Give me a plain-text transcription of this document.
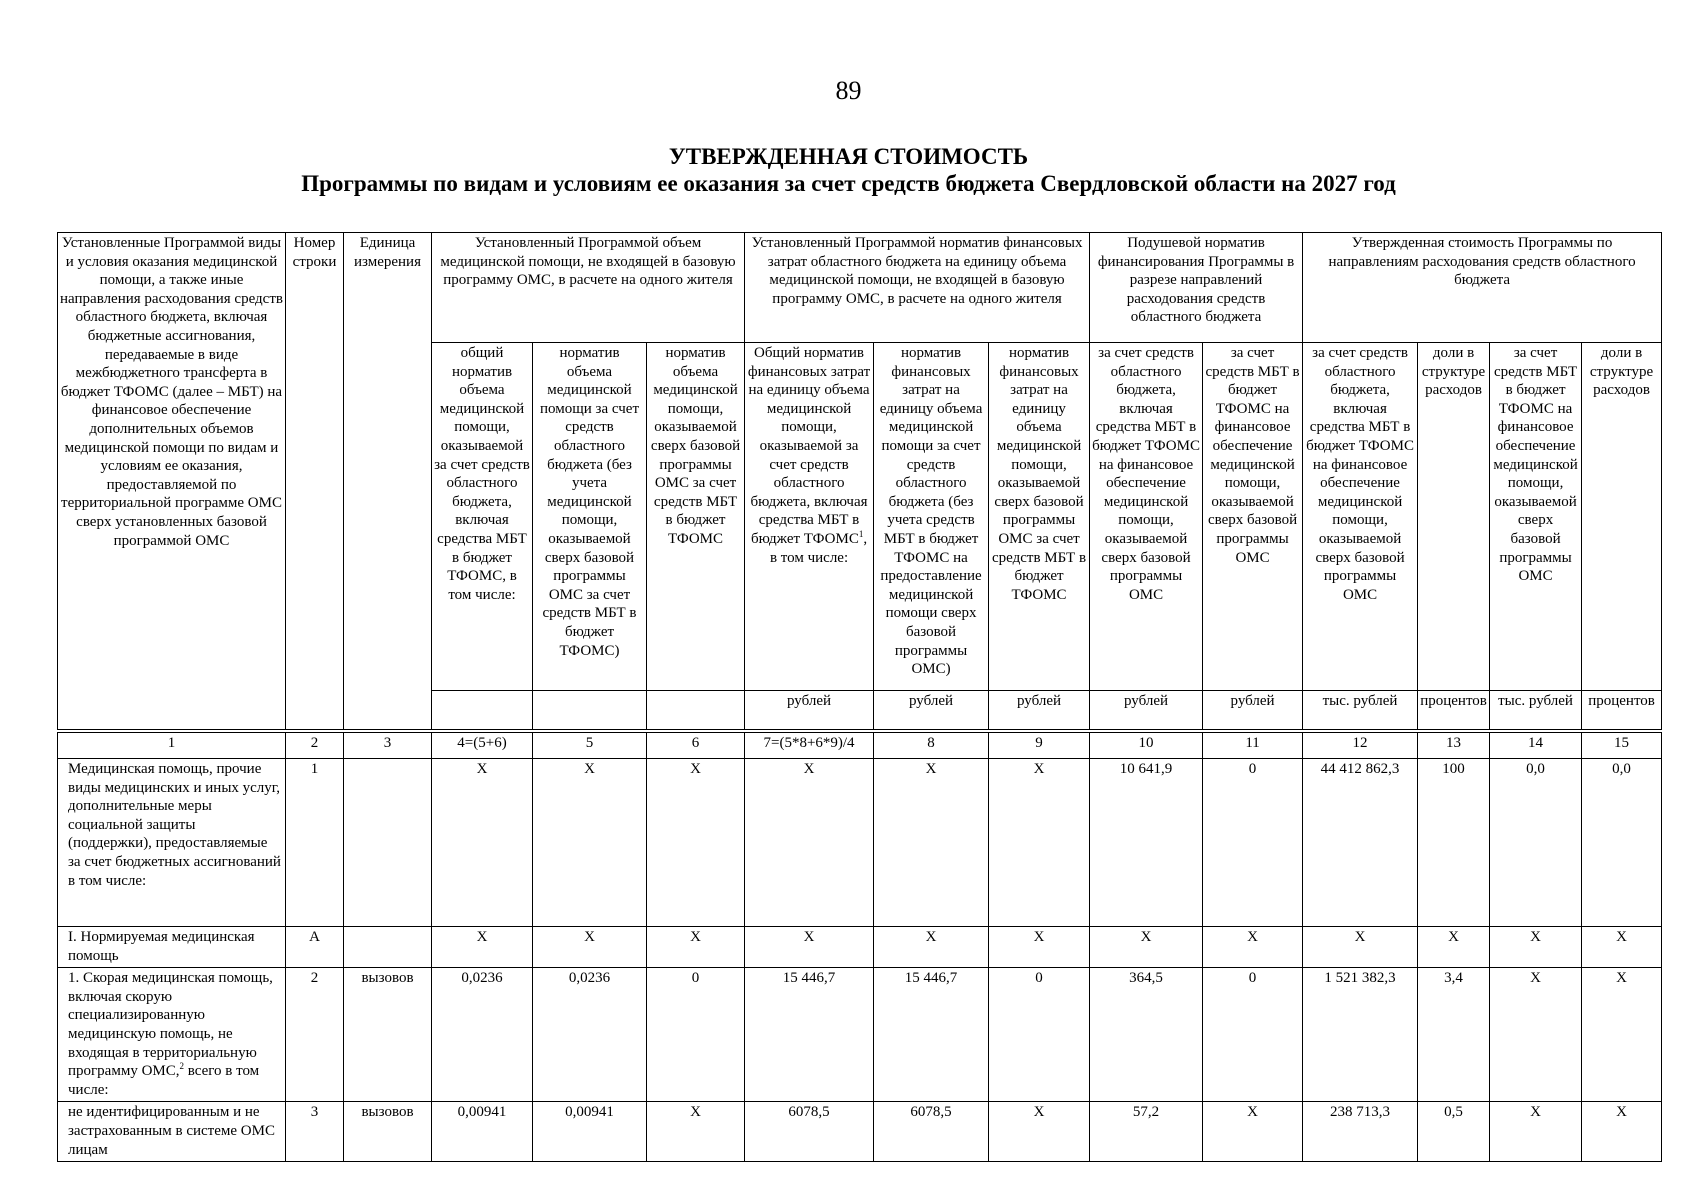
89
УТВЕРЖДЕННАЯ СТОИМОСТЬ
Программы по видам и условиям ее оказания за счет средств бюджета Свердловской области на 2027 год
Установленные Программой виды и условия оказания медицинской помощи, а также иные направления расходования средств областного бюджета, включая бюджетные ассигнования, передаваемые в виде межбюджетного трансферта в бюджет ТФОМС (далее – МБТ) на финансовое обеспечение дополнительных объемов медицинской помощи по видам и условиям ее оказания, предоставляемой по территориальной программе ОМС сверх установленных базовой программой ОМС	Номер строки	Единица измерения	Установленный Программой объем медицинской помощи, не входящей в базовую программу ОМС, в расчете на одного жителя			Установленный Программой норматив финансовых затрат областного бюджета на единицу объема медицинской помощи, не входящей в базовую программу ОМС, в расчете на одного жителя			Подушевой норматив финансирования Программы в разрезе направлений расходования средств областного бюджета		Утвержденная стоимость Программы по направлениям расходования средств областного бюджета			
			общий норматив объема медицинской помощи, оказываемой за счет средств областного бюджета, включая средства МБТ в бюджет ТФОМС, в том числе:	норматив объема медицинской помощи за счет средств областного бюджета (без учета медицинской помощи, оказываемой сверх базовой программы ОМС за счет средств МБТ в бюджет ТФОМС)	норматив объема медицинской помощи, оказываемой сверх базовой программы ОМС за счет средств МБТ в бюджет ТФОМС	Общий норматив финансовых затрат на единицу объема медицинской помощи, оказываемой за счет средств областного бюджета, включая средства МБТ в бюджет ТФОМС$^1$, в том числе:	норматив финансовых затрат на единицу объема медицинской помощи за счет средств областного бюджета (без учета средств МБТ в бюджет ТФОМС на предоставление медицинской помощи сверх базовой программы ОМС)	норматив финансовых затрат на единицу объема медицинской помощи, оказываемой сверх базовой программы ОМС за счет средств МБТ в бюджет ТФОМС	за счет средств областного бюджета, включая средства МБТ в бюджет ТФОМС на финансовое обеспечение медицинской помощи, оказываемой сверх базовой программы ОМС	за счет средств МБТ в бюджет ТФОМС на финансовое обеспечение медицинской помощи, оказываемой сверх базовой программы ОМС	за счет средств областного бюджета, включая средства МБТ в бюджет ТФОМС на финансовое обеспечение медицинской помощи, оказываемой сверх базовой программы ОМС	доли в структуре расходов	за счет средств МБТ в бюджет ТФОМС на финансовое обеспечение медицинской помощи, оказываемой сверх базовой программы ОМС	доли в структуре расходов
						рублей	рублей	рублей	рублей	рублей	тыс. рублей	процентов	тыс. рублей	процентов

1	2	3	4=(5+6)	5	6	7=(5*8+6*9)/4	8	9	10	11	12	13	14	15
Медицинская помощь, прочие виды медицинских и иных услуг, дополнительные меры социальной защиты (поддержки), предоставляемые за счет бюджетных ассигнований в том числе:	1		X	X	X	X	X	X	10 641,9	0	44 412 862,3	100	0,0	0,0
I. Нормируемая медицинская помощь	А		X	X	X	X	X	X	X	X	X	X	X	X
1. Скорая медицинская помощь, включая скорую специализированную медицинскую помощь, не входящая в территориальную программу ОМС,$^2$ всего в том числе:	2	вызовов	0,0236	0,0236	0	15 446,7	15 446,7	0	364,5	0	1 521 382,3	3,4	X	X
не идентифицированным и не застрахованным в системе ОМС лицам	3	вызовов	0,00941	0,00941	X	6078,5	6078,5	X	57,2	X	238 713,3	0,5	X	X
